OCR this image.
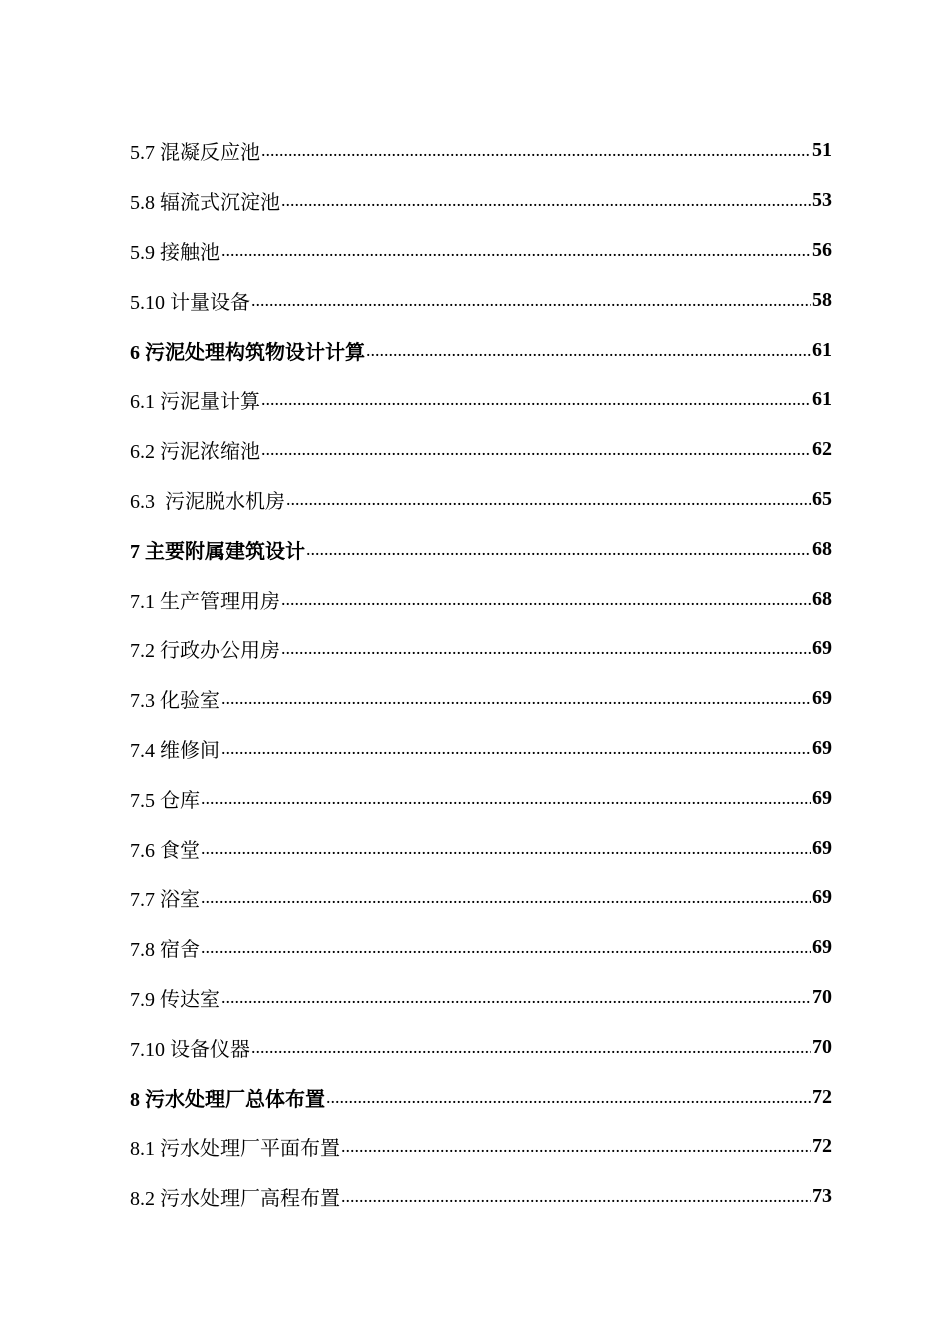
5.7 混凝反应池 .....	51
5.8 辐流式沉淀池 .....	53
5.9 接触池 .....	56
5.10 计量设备 .....	58
6 污泥处理构筑物设计计算 .....	61
6.1 污泥量计算 .....	61
6.2 污泥浓缩池 .....	62
6.3  污泥脱水机房 .....	65
7 主要附属建筑设计 .....	68
7.1 生产管理用房 .....	68
7.2 行政办公用房 .....	69
7.3 化验室 .....	69
7.4 维修间 .....	69
7.5 仓库 .....	69
7.6 食堂 .....	69
7.7 浴室 .....	69
7.8 宿舍 .....	69
7.9 传达室 .....	70
7.10 设备仪器 .....	70
8 污水处理厂总体布置 .....	72
8.1 污水处理厂平面布置 .....	72
8.2 污水处理厂高程布置 .....	73
